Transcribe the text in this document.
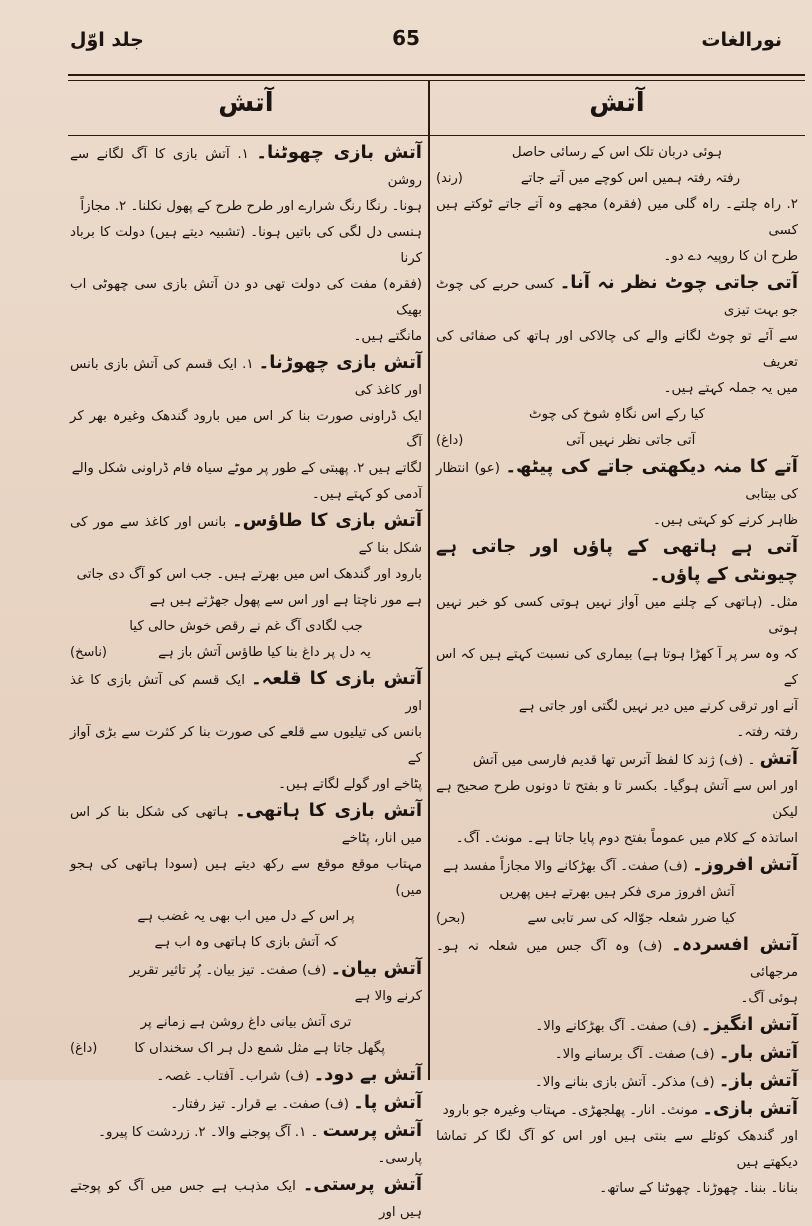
نورالغات
جلد اوّل	65
آتش
آتش

ہوئی دربان تلک اس کے رسائی حاصل

رفتہ رفتہ ہمیں اس کوچے میں آتے جاتے
(رند)

۲. راہ چلتے۔ راہ گلی میں (فقرہ) مجھے وہ آتے جاتے ٹوکتے ہیں کسی

طرح ان کا روپیہ دے دو۔

آتی جاتی چوٹ نظر نہ آنا۔ کسی حربے کی چوٹ جو بہت تیزی

سے آئے تو چوٹ لگانے والے کی چالاکی اور ہاتھ کی صفائی کی تعریف

میں یہ جملہ کہتے ہیں۔

کیا رکے اس نگاہِ شوخ کی چوٹ

آتی جاتی نظر نہیں آتی
(داغ)

آتے کا منہ دیکھتی جاتے کی پیٹھ۔ (عو) انتظار کی بیتابی

ظاہر کرنے کو کہتی ہیں۔

آتی ہے ہاتھی کے پاؤں اور جاتی ہے چیونٹی کے پاؤں۔

مثل۔ (ہاتھی کے چلنے میں آواز نہیں ہوتی کسی کو خبر نہیں ہوتی

کہ وہ سر پر آ کھڑا ہوتا ہے) بیماری کی نسبت کہتے ہیں کہ اس کے

آنے اور ترقی کرنے میں دیر نہیں لگتی اور جاتی ہے

رفتہ رفتہ۔

آتش ۔ (ف) ژند کا لفظ آترس تھا قدیم فارسی میں آتش

اور اس سے آتش ہوگیا۔ بکسر تا و بفتح تا دونوں طرح صحیح ہے لیکن

اساتذہ کے کلام میں عموماً بفتح دوم پایا جاتا ہے۔ مونث۔ آگ۔

آتش افروز۔ (ف) صفت۔ آگ بھڑکانے والا مجازاً مفسد ہے

آتش افروز مری فکر ہیں بھرتے ہیں پھریں

کیا ضرر شعلہ جوّالہ کی سر تابی سے
(بحر)

آتش افسردہ۔ (ف) وہ آگ جس میں شعلہ نہ ہو۔ مرجھائی

ہوئی آگ۔

آتش انگیز۔ (ف) صفت۔ آگ بھڑکانے والا۔

آتش بار۔ (ف) صفت۔ آگ برسانے والا۔

آتش باز۔ (ف) مذکر۔ آتش بازی بنانے والا۔

آتش بازی۔ مونث۔ انار۔ پھلجھڑی۔ مہتاب وغیرہ جو بارود

اور گندھک کوئلے سے بنتی ہیں اور اس کو آگ لگا کر تماشا دیکھتے ہیں

بنانا۔ بننا۔ چھوڑنا۔ چھوٹنا کے ساتھ۔

آتش بازی چھوٹنا۔ ۱. آتش بازی کا آگ لگانے سے روشن

ہونا۔ رنگا رنگ شرارے اور طرح طرح کے پھول نکلنا۔ ۲. مجازاً

ہنسی دل لگی کی باتیں ہونا۔ (تشبیہ دیتے ہیں) دولت کا برباد کرنا

(فقرہ) مفت کی دولت تھی دو دن آتش بازی سی چھوٹی اب بھیک

مانگتے ہیں۔

آتش بازی چھوڑنا۔ ۱. ایک قسم کی آتش بازی بانس اور کاغذ کی

ایک ڈراونی صورت بنا کر اس میں بارود گندھک وغیرہ بھر کر آگ

لگاتے ہیں ۲. پھبتی کے طور پر موٹے سیاہ فام ڈراونی شکل والے

آدمی کو کہتے ہیں۔

آتش بازی کا طاؤس۔ بانس اور کاغذ سے مور کی شکل بنا کے

بارود اور گندھک اس میں بھرتے ہیں۔ جب اس کو آگ دی جاتی

ہے مور ناچتا ہے اور اس سے پھول جھڑتے ہیں ہے

جب لگادی آگ غم نے رقص خوش حالی کیا

یہ دل پر داغ بنا کیا طاؤس آتش باز ہے
(ناسخ)

آتش بازی کا قلعہ۔ ایک قسم کی آتش بازی کا غذ اور

بانس کی تیلیوں سے قلعے کی صورت بنا کر کثرت سے بڑی آواز کے

پٹاخے اور گولے لگاتے ہیں۔

آتش بازی کا ہاتھی۔ ہاتھی کی شکل بنا کر اس میں انار، پٹاخے

مہتاب موقع موقع سے رکھ دیتے ہیں (سودا ہاتھی کی ہجو میں)

پر اس کے دل میں اب بھی یہ غضب ہے

کہ آتش بازی کا ہاتھی وہ اب ہے

آتش بیان۔ (ف) صفت۔ تیز بیان۔ پُر تاثیر تقریر

کرنے والا ہے

تری آتش بیانی داغ روشن ہے زمانے پر

پگھل جاتا ہے مثل شمع دل ہر اک سخنداں کا
(داغ)

آتش بے دود۔ (ف) شراب۔ آفتاب۔ غصہ۔

آتش پا۔ (ف) صفت۔ بے قرار۔ تیز رفتار۔

آتش پرست ۔ ۱. آگ پوجنے والا۔ ۲. زردشت کا پیرو۔

پارسی۔

آتش پرستی۔ ایک مذہب ہے جس میں آگ کو پوجتے ہیں اور
